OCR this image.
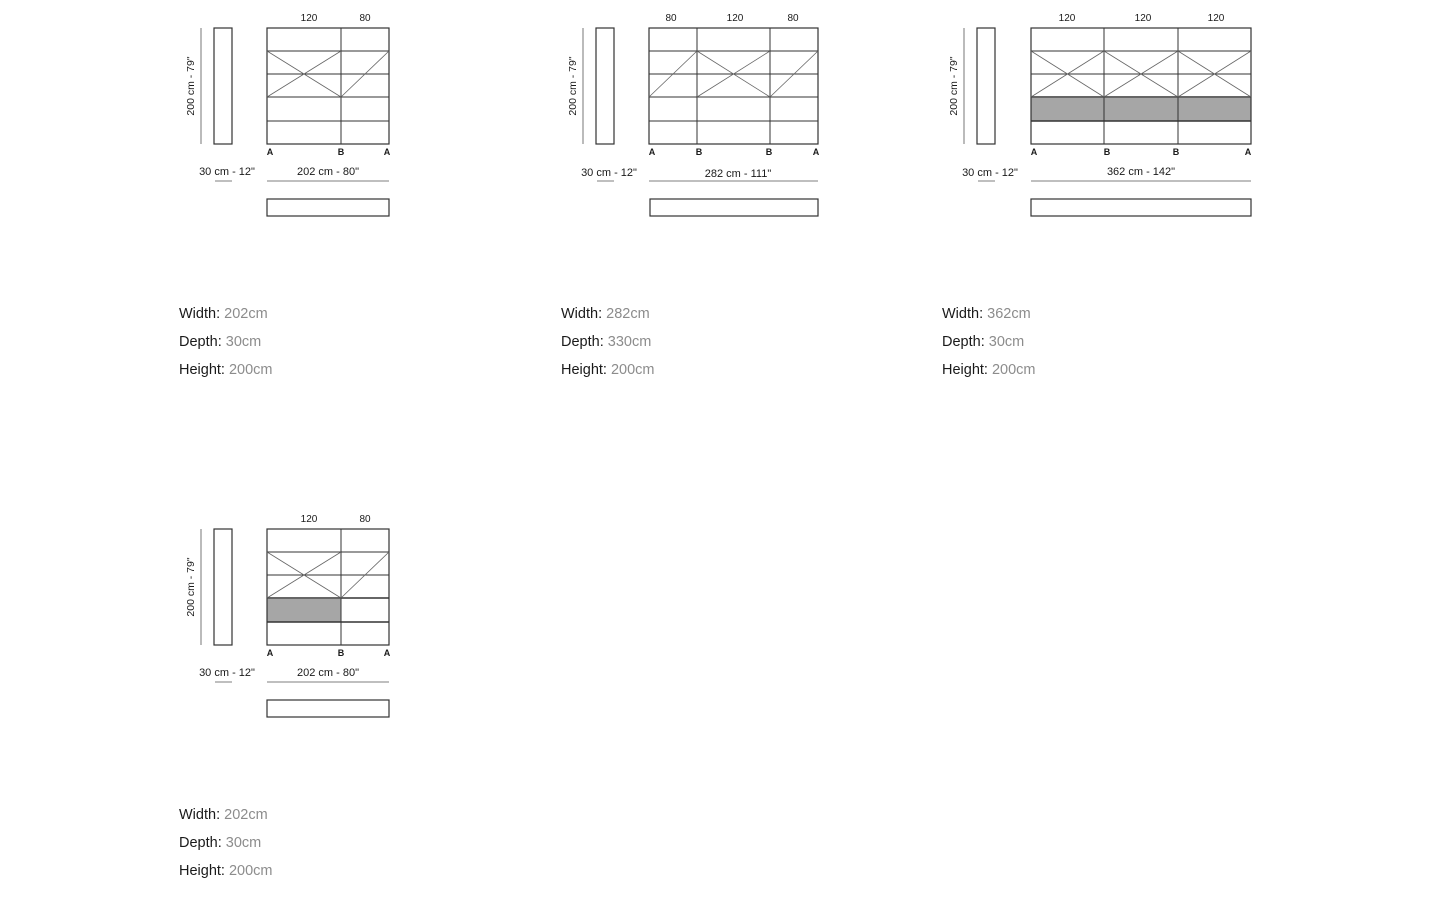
200 cm - 79"
120	80
A	B	A
30 cm - 12"	202 cm - 80"
Width: 202cm
Depth: 30cm
Height: 200cm
200 cm - 79"
80	120	80
A	B	B	A
30 cm - 12"	282 cm - 111"
Width: 282cm
Depth: 330cm
Height: 200cm
200 cm - 79"
120	120	120
A	B	B	A
30 cm - 12"	362 cm - 142"
Width: 362cm
Depth: 30cm
Height: 200cm
200 cm - 79"
120	80
A	B	A
30 cm - 12"	202 cm - 80"
Width: 202cm
Depth: 30cm
Height: 200cm
